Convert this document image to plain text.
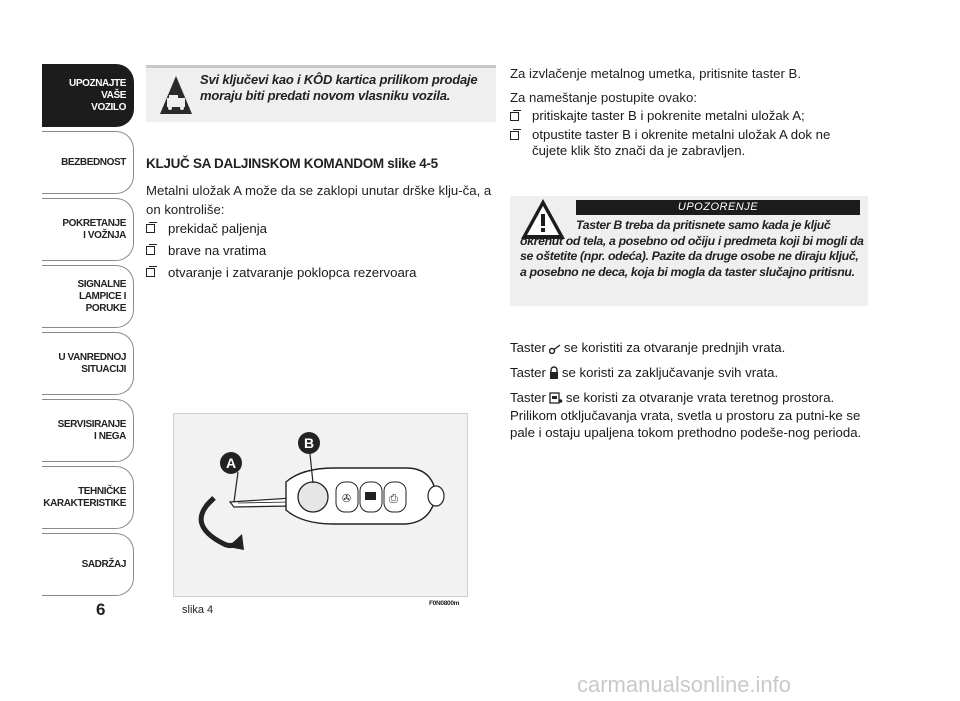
UPOZNAJTE
VAŠE
VOZILO
BEZBEDNOST
POKRETANJE
I VOŽNJA
SIGNALNE
LAMPICE I PORUKE
U VANREDNOJ
SITUACIJI
SERVISIRANJE
I NEGA
TEHNIČKE
KARAKTERISTIKE
SADRŽAJ
6
Svi ključevi kao i KÔD kartica prilikom prodaje moraju biti predati novom vlasniku vozila.
KLJUČ SA DALJINSKOM KOMANDOM slike 4-5
Metalni uložak A može da se zaklopi unutar drške klju-ča, a on kontroliše:
prekidač paljenja
brave na vratima
otvaranje i zatvaranje poklopca rezervoara
✇	⎙
A
B
slika 4
F0N0800m
Za izvlačenje metalnog umetka, pritisnite taster B.
Za nameštanje postupite ovako:
pritiskajte taster B i pokrenite metalni uložak A;
otpustite taster B i okrenite metalni uložak A dok ne čujete klik što znači da je zabravljen.
UPOZORENJE
Taster B treba da pritisnete samo kada je ključ okrenut od tela, a posebno od očiju i predmeta koji bi mogli da se oštetite (npr. odeća). Pazite da druge osobe ne diraju ključ, a posebno ne deca, koja bi mogla da taster slučajno pritisnu.
Taster se koristiti za otvaranje prednjih vrata.
Taster se koristi za zaključavanje svih vrata.
Taster se koristi za otvaranje vrata teretnog prostora.
Prilikom otključavanja vrata, svetla u prostoru za putni-ke se pale i ostaju upaljena tokom prethodno podeše-nog perioda.
carmanualsonline.info
